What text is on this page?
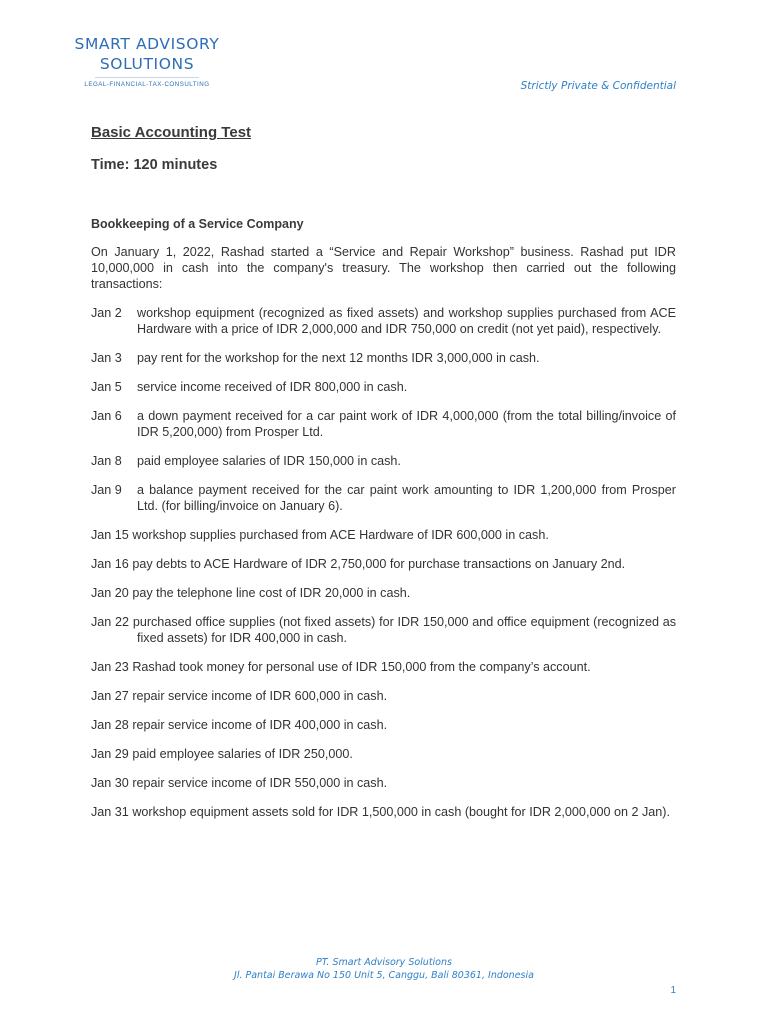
SMART ADVISORY
SOLUTIONS
LEGAL-FINANCIAL-TAX-CONSULTING	Strictly Private & Confidential
Basic Accounting Test

Time: 120 minutes

Bookkeeping of a Service Company

On January 1, 2022, Rashad started a “Service and Repair Workshop” business. Rashad put IDR 10,000,000 in cash into the company's treasury. The workshop then carried out the following transactions:

Jan 2	workshop equipment (recognized as fixed assets) and workshop supplies purchased from ACE Hardware with a price of IDR 2,000,000 and IDR 750,000 on credit (not yet paid), respectively.
Jan 3	pay rent for the workshop for the next 12 months IDR 3,000,000 in cash.
Jan 5	service income received of IDR 800,000 in cash.
Jan 6	a down payment received for a car paint work of IDR 4,000,000 (from the total billing/invoice of IDR 5,200,000) from Prosper Ltd.
Jan 8	paid employee salaries of IDR 150,000 in cash.
Jan 9	a balance payment received for the car paint work amounting to IDR 1,200,000 from Prosper Ltd. (for billing/invoice on January 6).
Jan 15 workshop supplies purchased from ACE Hardware of IDR 600,000 in cash.
Jan 16 pay debts to ACE Hardware of IDR 2,750,000 for purchase transactions on January 2nd.
Jan 20 pay the telephone line cost of IDR 20,000 in cash.
Jan 22 purchased office supplies (not fixed assets) for IDR 150,000 and office equipment (recognized as fixed assets) for IDR 400,000 in cash.
Jan 23 Rashad took money for personal use of IDR 150,000 from the company’s account.
Jan 27 repair service income of IDR 600,000 in cash.
Jan 28 repair service income of IDR 400,000 in cash.
Jan 29 paid employee salaries of IDR 250,000.
Jan 30 repair service income of IDR 550,000 in cash.
Jan 31 workshop equipment assets sold for IDR 1,500,000 in cash (bought for IDR 2,000,000 on 2 Jan).
PT. Smart Advisory Solutions
Jl. Pantai Berawa No 150 Unit 5, Canggu, Bali 80361, Indonesia
1
